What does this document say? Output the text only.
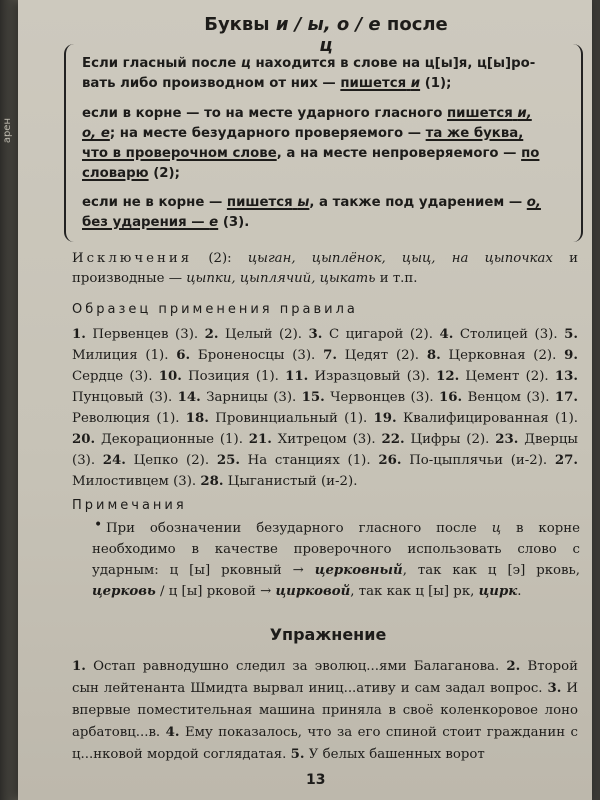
арен
Буквы и / ы, о / е после ц
Если гласный после ц находится в слове на ц[ы]я, ц[ы]ро-
вать либо производном от них — пишется и (1);
если в корне — то на месте ударного гласного пишется и,
о, е; на месте безударного проверяемого — та же буква,
что в проверочном слове, а на месте непроверяемого — по
словарю (2);
если не в корне — пишется ы, а также под ударением — о,
без ударения — е (3).
Исключения (2): цыган, цыплёнок, цыц, на цыпочках и производные — цыпки, цыплячий, цыкать и т.п.
Образец применения правила
1. Первенцев (3). 2. Целый (2). 3. С цигарой (2). 4. Столицей (3). 5. Милиция (1). 6. Броненосцы (3). 7. Цедят (2). 8. Церковная (2). 9. Сердце (3). 10. Позиция (1). 11. Изразцовый (3). 12. Цемент (2). 13. Пунцовый (3). 14. Зарницы (3). 15. Червонцев (3). 16. Венцом (3). 17. Революция (1). 18. Провинциальный (1). 19. Квалифицированная (1). 20. Декорационные (1). 21. Хитрецом (3). 22. Цифры (2). 23. Дверцы (3). 24. Цепко (2). 25. На станциях (1). 26. По-цыплячьи (и-2). 27. Милостивцем (3). 28. Цыганистый (и-2).
Примечания
• При обозначении безударного гласного после ц в корне необходимо в качестве проверочного использовать слово с ударным: ц [ы] рковный → церковный, так как ц [э] рковь, церковь / ц [ы] рковой → цирковой, так как ц [ы] рк, цирк.
Упражнение
1. Остап равнодушно следил за эволюц...ями Балаганова. 2. Второй сын лейтенанта Шмидта вырвал иниц...ативу и сам задал вопрос. 3. И впервые поместительная машина приняла в своё коленкоровое лоно арбатовц...в. 4. Ему показалось, что за его спиной стоит гражданин с ц...нковой мордой соглядатая. 5. У белых башенных ворот
13
